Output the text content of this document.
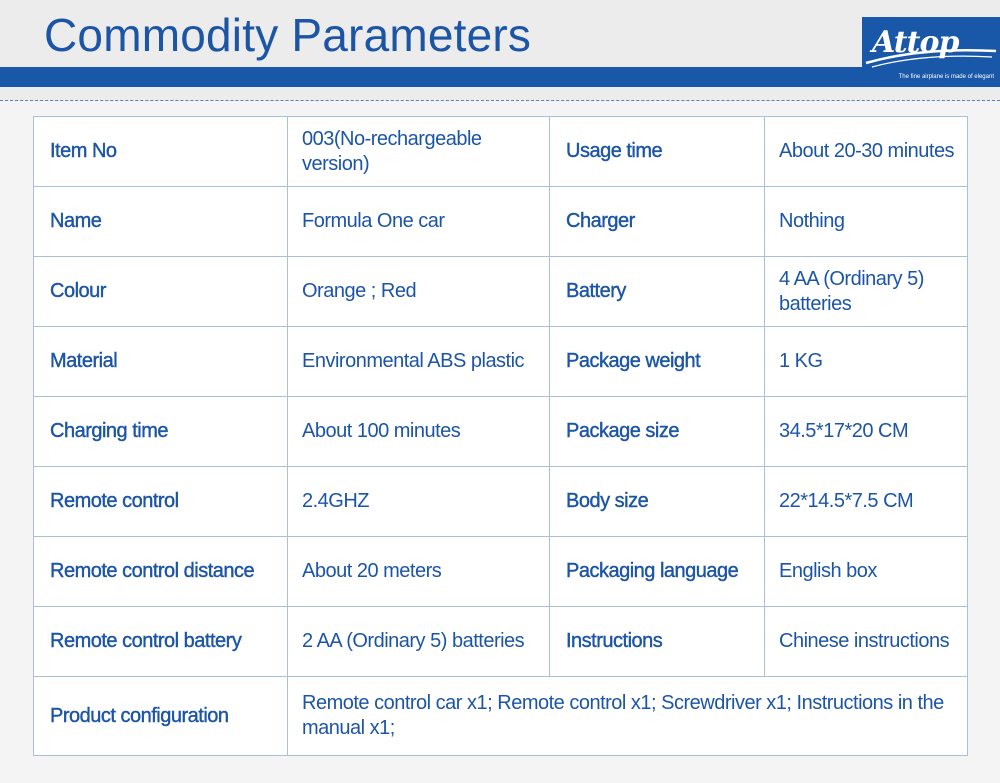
Commodity Parameters	Attop
The fine airplane is made of elegant
Item No	003(No-rechargeable version)	Usage time	About 20-30 minutes
Name	Formula One car	Charger	Nothing
Colour	Orange ; Red	Battery	4 AA (Ordinary 5) batteries
Material	Environmental ABS plastic	Package weight	1 KG
Charging time	About 100 minutes	Package size	34.5*17*20 CM
Remote control	2.4GHZ	Body size	22*14.5*7.5 CM
Remote control distance	About 20 meters	Packaging language	English box
Remote control battery	2 AA (Ordinary 5) batteries	Instructions	Chinese instructions
Product configuration	Remote control car x1; Remote control x1; Screwdriver x1; Instructions in the manual x1;		
